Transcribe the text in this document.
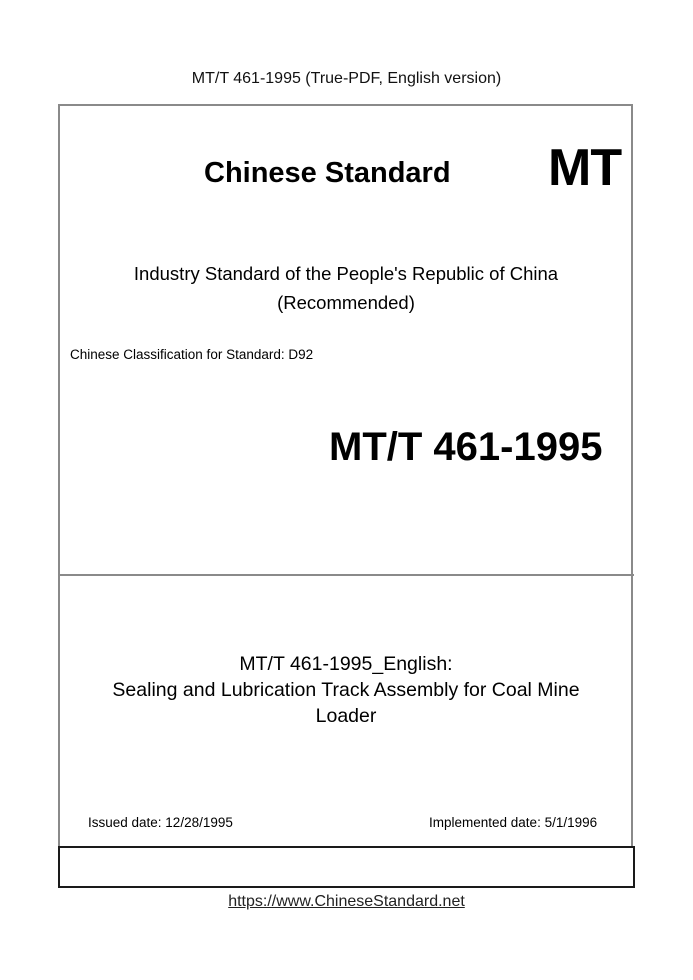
MT/T 461-1995 (True-PDF, English version)
Chinese Standard MT
Industry Standard of the People's Republic of China
(Recommended)
Chinese Classification for Standard: D92
MT/T 461-1995
MT/T 461-1995_English:
Sealing and Lubrication Track Assembly for Coal Mine
Loader
Issued date: 12/28/1995	Implemented date: 5/1/1996
https://www.ChineseStandard.net
